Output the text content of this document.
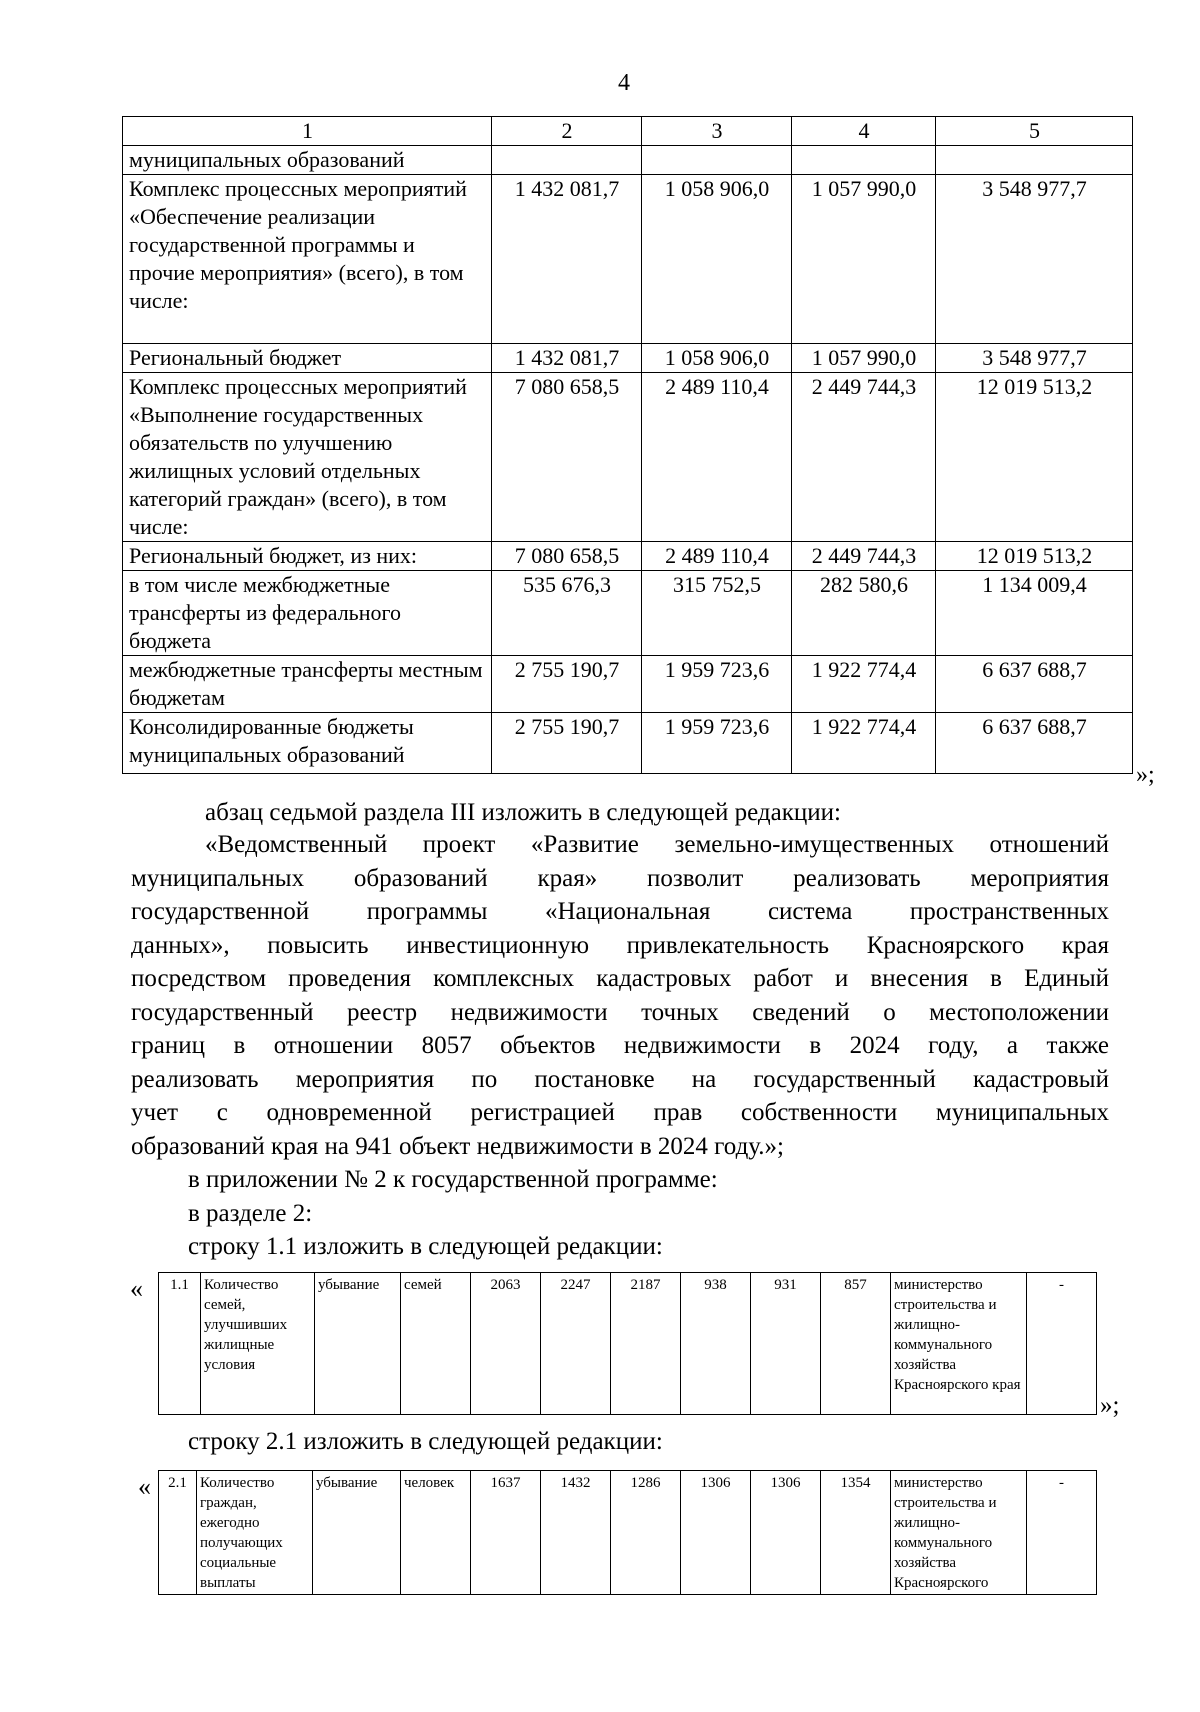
4
1	2	3	4	5
муниципальных образований				
Комплекс процессных мероприятий «Обеспечение реализации государственной программы и прочие мероприятия» (всего), в том числе:	1 432 081,7	1 058 906,0	1 057 990,0	3 548 977,7
Региональный бюджет	1 432 081,7	1 058 906,0	1 057 990,0	3 548 977,7
Комплекс процессных мероприятий «Выполнение государственных обязательств по улучшению жилищных условий отдельных категорий граждан» (всего), в том числе:	7 080 658,5	2 489 110,4	2 449 744,3	12 019 513,2
Региональный бюджет, из них:	7 080 658,5	2 489 110,4	2 449 744,3	12 019 513,2
в том числе межбюджетные трансферты из федерального бюджета	535 676,3	315 752,5	282 580,6	1 134 009,4
межбюджетные трансферты местным бюджетам	2 755 190,7	1 959 723,6	1 922 774,4	6 637 688,7
Консолидированные бюджеты муниципальных образований	2 755 190,7	1 959 723,6	1 922 774,4	6 637 688,7
»;
абзац седьмой раздела III изложить в следующей редакции:
«Ведомственный проект «Развитие земельно-имущественных отношений
муниципальных образований края» позволит реализовать мероприятия
государственной программы «Национальная система пространственных
данных», повысить инвестиционную привлекательность Красноярского края
посредством проведения комплексных кадастровых работ и внесения в Единый
государственный реестр недвижимости точных сведений о местоположении
границ в отношении 8057 объектов недвижимости в 2024 году, а также
реализовать мероприятия по постановке на государственный кадастровый
учет с одновременной регистрацией прав собственности муниципальных
образований края на 941 объект недвижимости в 2024 году.»;
в приложении № 2 к государственной программе:
в разделе 2:
строку 1.1 изложить в следующей редакции:
« 1.1	Количество семей, улучшивших жилищные условия	убывание	семей	2063	2247	2187	938	931	857	министерство строительства и жилищно-коммунального хозяйства Красноярского края	-
»;
строку 2.1 изложить в следующей редакции:
« 2.1	Количество граждан, ежегодно получающих социальные выплаты	убывание	человек	1637	1432	1286	1306	1306	1354	министерство строительства и жилищно-коммунального хозяйства Красноярского	-
